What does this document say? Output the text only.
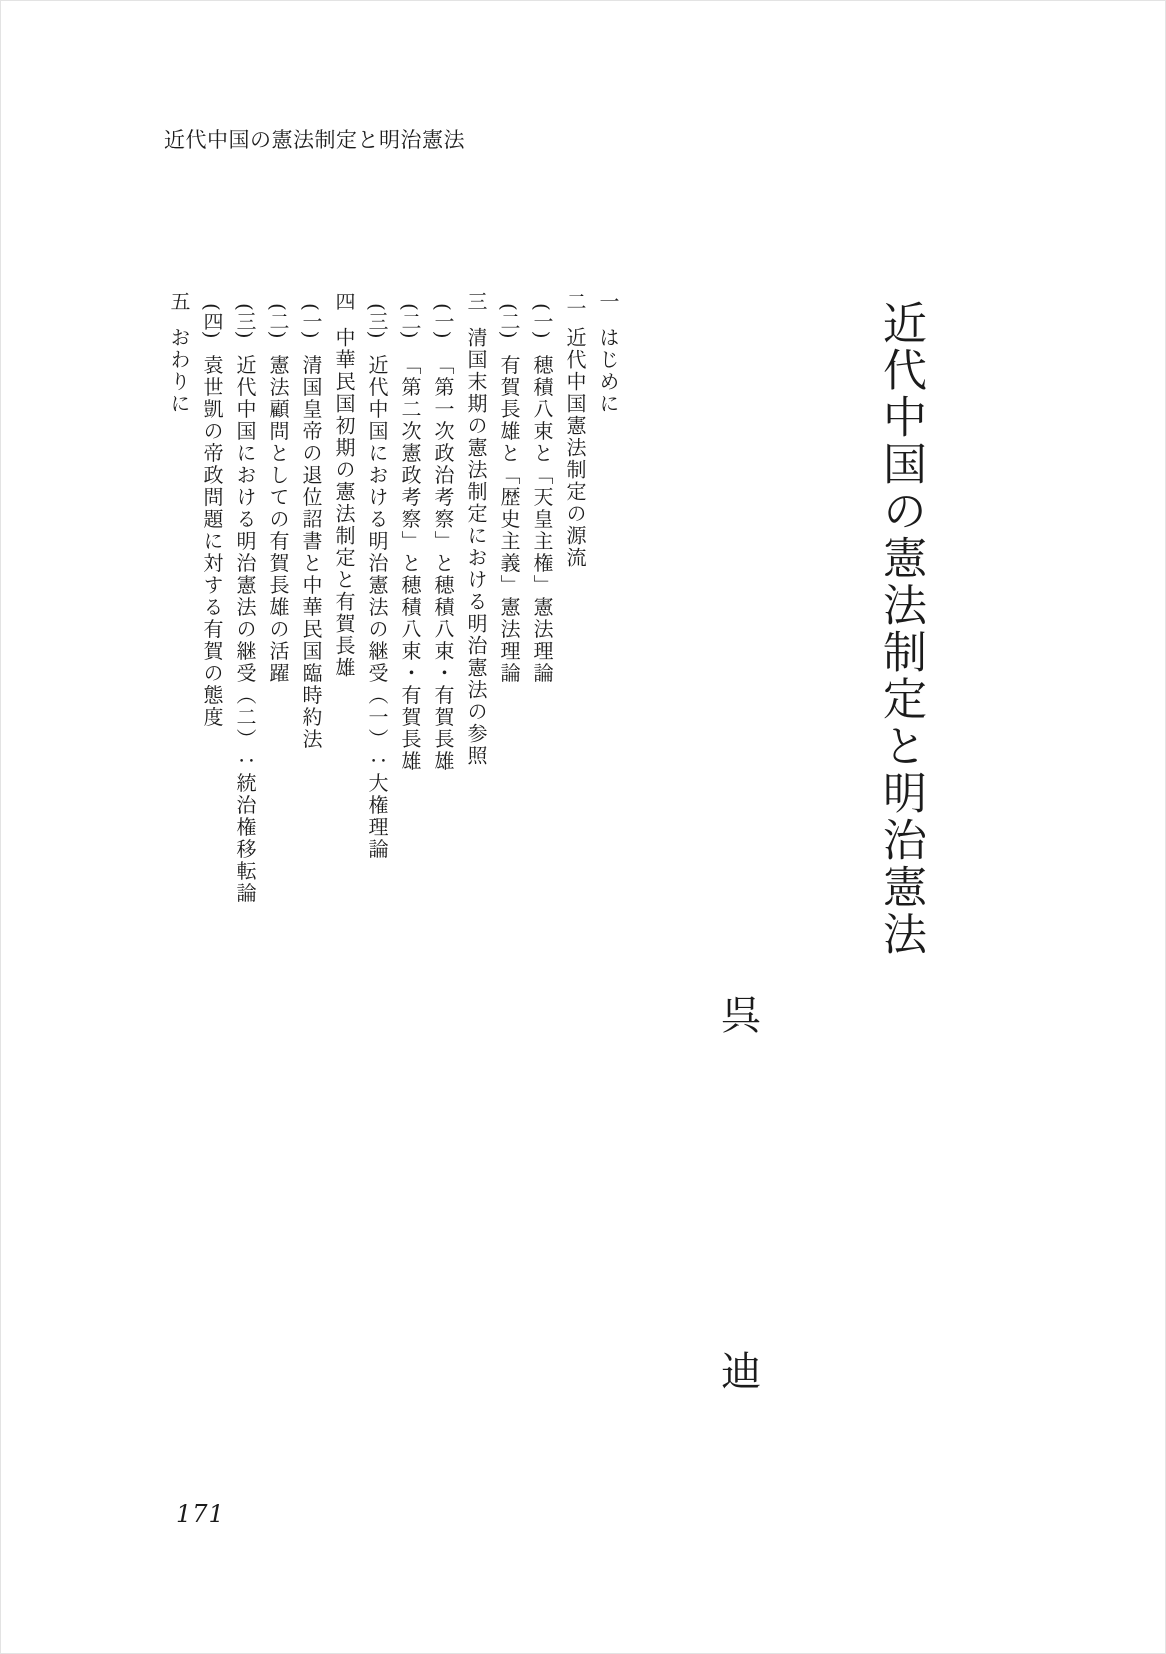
近代中国の憲法制定と明治憲法
近代中国の憲法制定と明治憲法
呉
迪
一はじめに
二近代中国憲法制定の源流
(一)穂積八束と「天皇主権」憲法理論
(二)有賀長雄と「歴史主義」憲法理論
三清国末期の憲法制定における明治憲法の参照
(一)「第一次政治考察」と穂積八束・有賀長雄
(二)「第二次憲政考察」と穂積八束・有賀長雄
(三)近代中国における明治憲法の継受（一）：大権理論
四中華民国初期の憲法制定と有賀長雄
(一)清国皇帝の退位詔書と中華民国臨時約法
(二)憲法顧問としての有賀長雄の活躍
(三)近代中国における明治憲法の継受（二）：統治権移転論
(四)袁世凱の帝政問題に対する有賀の態度
五おわりに
171
